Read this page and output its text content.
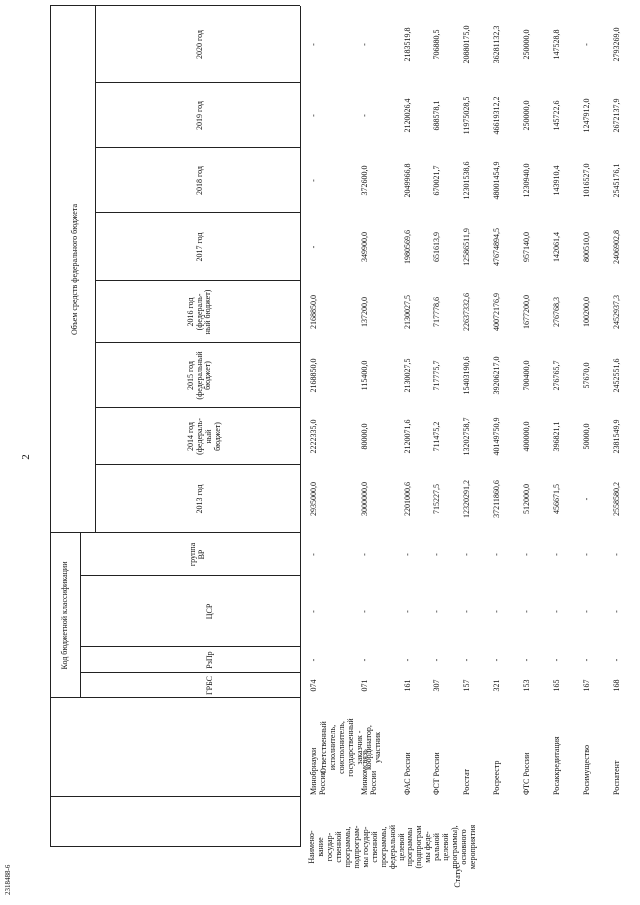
2
Статус
Наимено-
вание
государ-
ственной
программы,
подпрограм-
мы государ-
ственной
программы,
федеральной
целевой
программы
(подпрограм
мы феде-
ральной
целевой
программы),
основного
мероприятия
Ответственный
исполнитель,
соисполнитель,
государственный
заказчик -
координатор,
участник
Код бюджетной классификации
Объем средств федерального бюджета
ГРБС
РзПр
ЦСР
группа
ВР
2013 год
2014 год
(федераль-
ный
бюджет)
2015 год
(федеральный
бюджет)
2016 год
(федераль-
ный бюджет)
2017 год
2018 год
2019 год
2020 год
Минобрнауки
России
074
-
-
-
2935000,0
2222335,0
2168850,0
2168850,0
-
-
-
-
Минкомсвязь
России
071
-
-
-
3000000,0
80000,0
115400,0
137200,0
349900,0
372600,0
-
-
ФАС России
161
-
-
-
2201000,6
2120071,6
2130027,5
2130027,5
1980569,6
2049966,8
2120026,4
2183519,8
ФСТ России
307
-
-
-
715227,5
711475,2
717775,7
717778,6
651613,9
670021,7
688578,1
706880,5
Росстат
157
-
-
-
12320291,2
13202758,7
15403190,6
22637332,6
12586511,9
12301538,6
11975028,5
20880175,0
Росреестр
321
-
-
-
37211860,6
40149750,9
39206217,0
40072176,9
47674894,5
48001454,9
46619312,2
36281132,3
ФТС России
153
-
-
-
512000,0
400000,0
700400,0
1677200,0
957140,0
1230940,0
250000,0
250000,0
Росаккредитация
165
-
-
-
456671,5
396821,1
276765,7
276768,3
142061,4
143910,4
145722,6
147528,8
Росимущество
167
-
-
-
-
50000,0
57670,0
100200,0
800510,0
1016527,0
1247912,0
-
Роспатент
168
-
-
-
2558580,2
2381549,9
2452551,6
2452937,3
2406902,8
2545176,1
2672137,9
2793269,0
2318488-6
